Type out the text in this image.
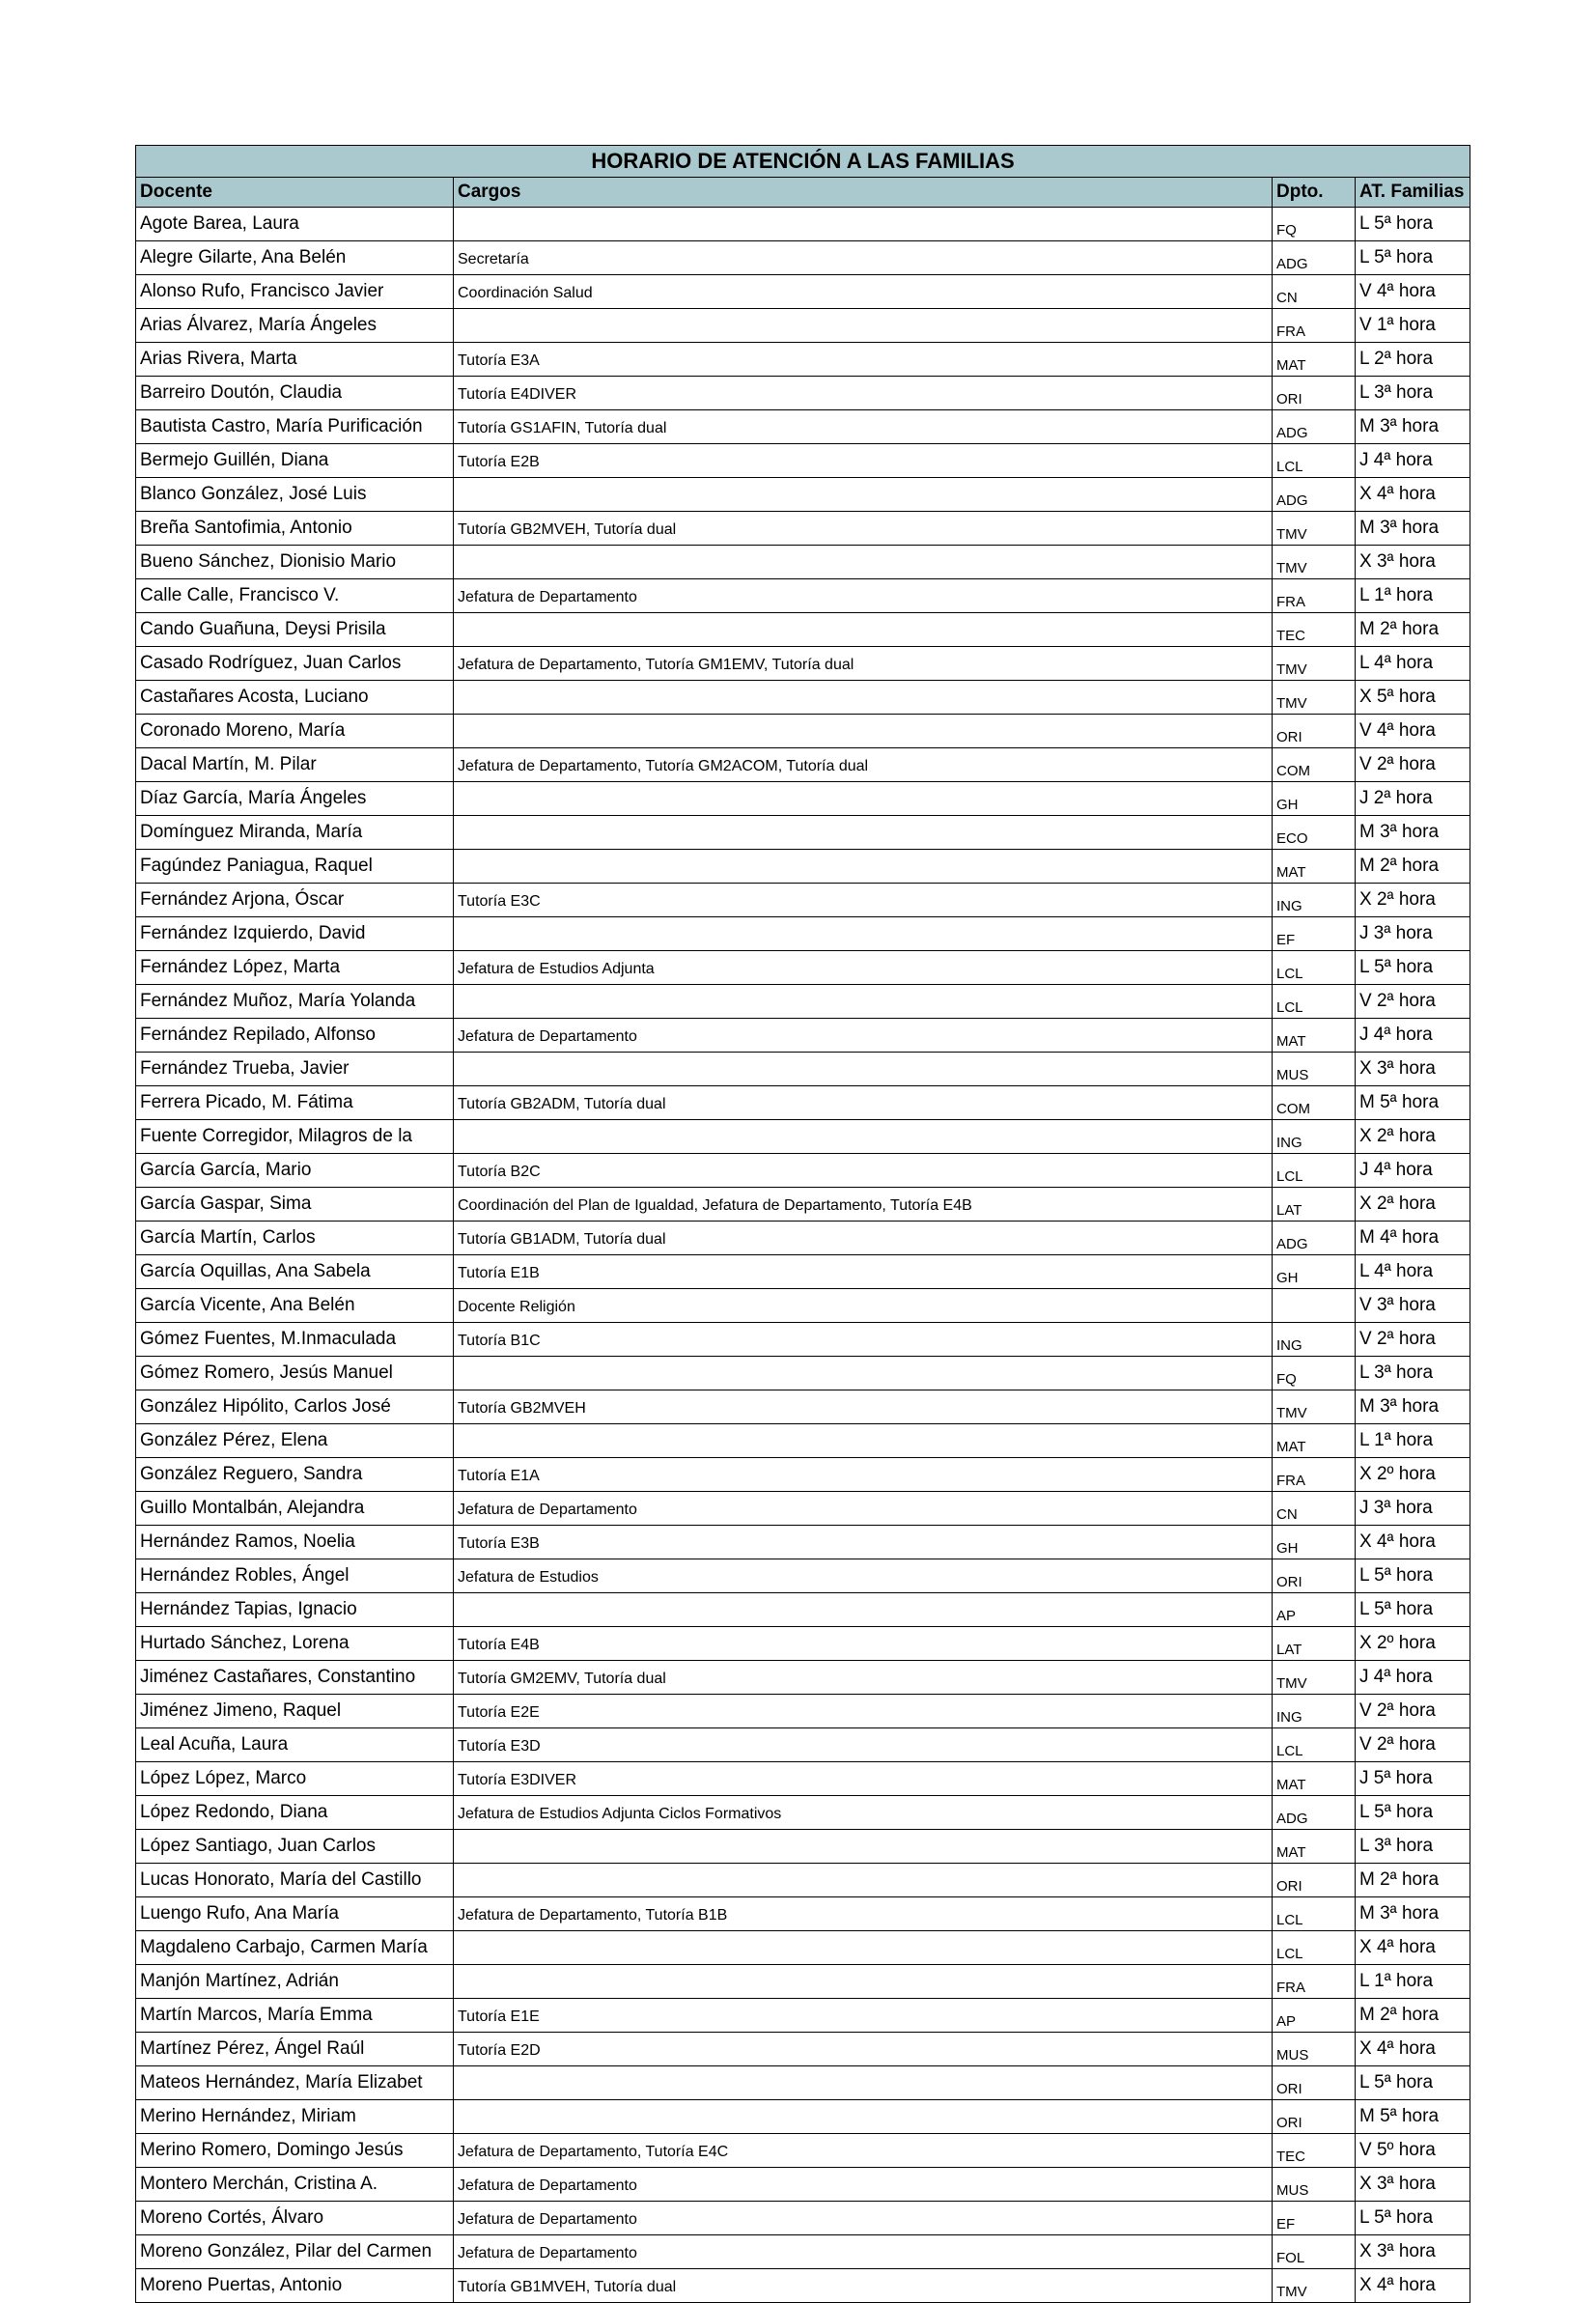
HORARIO DE ATENCIÓN A LAS FAMILIAS			
Docente	Cargos	Dpto.	AT. Familias
Agote Barea, Laura		FQ	L 5ª hora
Alegre Gilarte, Ana Belén	Secretaría	ADG	L 5ª hora
Alonso Rufo, Francisco Javier	Coordinación Salud	CN	V 4ª hora
Arias Álvarez, María Ángeles		FRA	V 1ª hora
Arias Rivera, Marta	Tutoría E3A	MAT	L 2ª hora
Barreiro Doutón, Claudia	Tutoría E4DIVER	ORI	L 3ª hora
Bautista Castro, María Purificación	Tutoría GS1AFIN, Tutoría dual	ADG	M 3ª hora
Bermejo Guillén, Diana	Tutoría E2B	LCL	J 4ª hora
Blanco González, José Luis		ADG	X 4ª hora
Breña Santofimia, Antonio	Tutoría GB2MVEH, Tutoría dual	TMV	M 3ª hora
Bueno Sánchez, Dionisio Mario		TMV	X 3ª hora
Calle Calle, Francisco V.	Jefatura de Departamento	FRA	L 1ª hora
Cando Guañuna, Deysi Prisila		TEC	M 2ª hora
Casado Rodríguez, Juan Carlos	Jefatura de Departamento, Tutoría GM1EMV, Tutoría dual	TMV	L 4ª hora
Castañares Acosta, Luciano		TMV	X 5ª hora
Coronado Moreno, María		ORI	V 4ª hora
Dacal Martín, M. Pilar	Jefatura de Departamento, Tutoría GM2ACOM, Tutoría dual	COM	V 2ª hora
Díaz García, María Ángeles		GH	J 2ª hora
Domínguez Miranda, María		ECO	M 3ª hora
Fagúndez Paniagua, Raquel		MAT	M 2ª hora
Fernández Arjona, Óscar	Tutoría E3C	ING	X 2ª hora
Fernández Izquierdo, David		EF	J 3ª hora
Fernández López, Marta	Jefatura de Estudios Adjunta	LCL	L 5ª hora
Fernández Muñoz, María Yolanda		LCL	V 2ª hora
Fernández Repilado, Alfonso	Jefatura de Departamento	MAT	J 4ª hora
Fernández Trueba, Javier		MUS	X 3ª hora
Ferrera Picado, M. Fátima	Tutoría GB2ADM, Tutoría dual	COM	M 5ª hora
Fuente Corregidor, Milagros de la		ING	X 2ª hora
García García, Mario	Tutoría B2C	LCL	J 4ª hora
García Gaspar, Sima	Coordinación del Plan de Igualdad, Jefatura de Departamento, Tutoría E4B	LAT	X 2ª hora
García Martín, Carlos	Tutoría GB1ADM, Tutoría dual	ADG	M 4ª hora
García Oquillas, Ana Sabela	Tutoría E1B	GH	L 4ª hora
García Vicente, Ana Belén	Docente Religión		V 3ª hora
Gómez Fuentes, M.Inmaculada	Tutoría B1C	ING	V 2ª hora
Gómez Romero, Jesús Manuel		FQ	L 3ª hora
González Hipólito, Carlos José	Tutoría GB2MVEH	TMV	M 3ª hora
González Pérez, Elena		MAT	L 1ª hora
González Reguero, Sandra	Tutoría E1A	FRA	X 2º hora
Guillo Montalbán, Alejandra	Jefatura de Departamento	CN	J 3ª hora
Hernández Ramos, Noelia	Tutoría E3B	GH	X 4ª hora
Hernández Robles, Ángel	Jefatura de Estudios	ORI	L 5ª hora
Hernández Tapias, Ignacio		AP	L 5ª hora
Hurtado Sánchez, Lorena	Tutoría E4B	LAT	X 2º hora
Jiménez Castañares, Constantino	Tutoría GM2EMV, Tutoría dual	TMV	J 4ª hora
Jiménez Jimeno, Raquel	Tutoría E2E	ING	V 2ª hora
Leal Acuña, Laura	Tutoría E3D	LCL	V 2ª hora
López López, Marco	Tutoría E3DIVER	MAT	J 5ª hora
López Redondo, Diana	Jefatura de Estudios Adjunta Ciclos Formativos	ADG	L 5ª hora
López Santiago, Juan Carlos		MAT	L 3ª hora
Lucas Honorato, María del Castillo		ORI	M 2ª hora
Luengo Rufo, Ana María	Jefatura de Departamento, Tutoría B1B	LCL	M 3ª hora
Magdaleno Carbajo, Carmen María		LCL	X 4ª hora
Manjón Martínez, Adrián		FRA	L 1ª hora
Martín Marcos, María Emma	Tutoría E1E	AP	M 2ª hora
Martínez Pérez, Ángel Raúl	Tutoría E2D	MUS	X 4ª hora
Mateos Hernández, María Elizabet		ORI	L 5ª hora
Merino Hernández, Miriam		ORI	M 5ª hora
Merino Romero, Domingo Jesús	Jefatura de Departamento, Tutoría E4C	TEC	V 5º hora
Montero Merchán, Cristina A.	Jefatura de Departamento	MUS	X 3ª hora
Moreno Cortés, Álvaro	Jefatura de Departamento	EF	L 5ª hora
Moreno González, Pilar del Carmen	Jefatura de Departamento	FOL	X 3ª hora
Moreno Puertas, Antonio	Tutoría GB1MVEH, Tutoría dual	TMV	X 4ª hora
